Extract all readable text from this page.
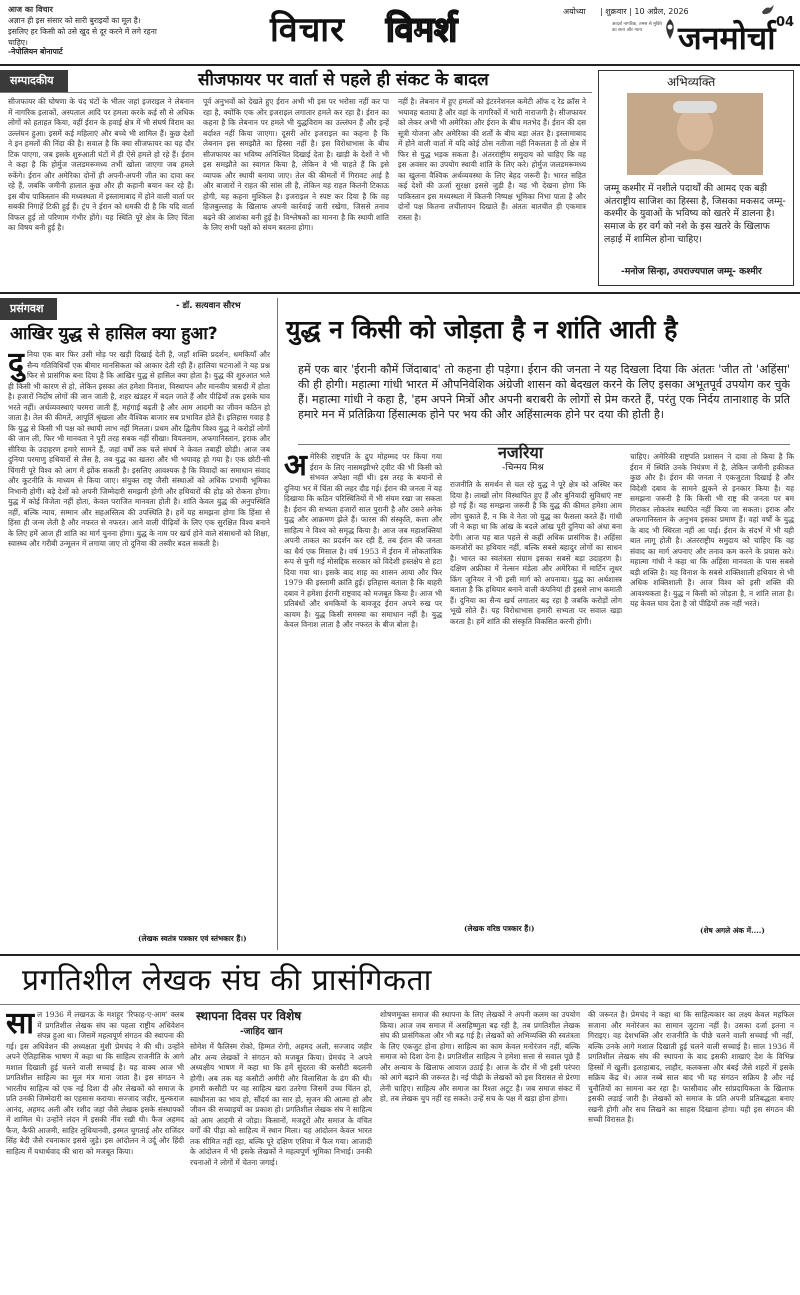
आज का विचार
अज्ञान ही इस संसार को सारी बुराइयों का मूल है। इसलिए हर किसी को उसे खुद से दूर करने में लगे रहना चाहिए।
-नेपोलियन बोनापार्ट
विचार विमर्श	अयोध्या | शुक्रवार | 10 अप्रैल, 2026
आदर्श नागरिक, तमस से मुक्ति का सत्य और न्याय	जनमोर्चा 04
सम्पादकीय	सीजफायर पर वार्ता से पहले ही संकट के बादल
सीजफायर की घोषणा के चंद घंटों के भीतर जहां इजराइल ने लेबनान में नागरिक इलाकों, अस्पताल आदि पर हमला करके कई सौ से अधिक लोगों को हताहत किया, वहीं ईरान के हवाई क्षेत्र में भी संघर्ष विराम का उल्लंघन हुआ। इसमें कई महिलाएं और बच्चे भी शामिल हैं। कुछ देशों ने इन हमलों की निंदा की है। सवाल है कि क्या सीजफायर का यह दौर टिक पाएगा, जब इसके शुरुआती घंटों में ही ऐसे हमले हो रहे हैं। ईरान ने कहा है कि होर्मुज जलडमरूमध्य तभी खोला जाएगा जब हमले रुकेंगे। ईरान और अमेरिका दोनों ही अपनी-अपनी जीत का दावा कर रहे हैं, जबकि जमीनी हालात कुछ और ही कहानी बयान कर रहे हैं। इस बीच पाकिस्तान की मध्यस्थता में इस्लामाबाद में होने वाली वार्ता पर सबकी निगाहें टिकी हुई हैं। ट्रंप ने ईरान को धमकी दी है कि यदि वार्ता विफल हुई तो परिणाम गंभीर होंगे। यह स्थिति पूरे क्षेत्र के लिए चिंता का विषय बनी हुई है।
पूर्व अनुभवों को देखते हुए ईरान अभी भी इस पर भरोसा नहीं कर पा रहा है, क्योंकि एक ओर इजराइल लगातार हमले कर रहा है। ईरान का कहना है कि लेबनान पर हमले भी युद्धविराम का उल्लंघन हैं और इन्हें बर्दाश्त नहीं किया जाएगा। दूसरी ओर इजराइल का कहना है कि लेबनान इस समझौते का हिस्सा नहीं है। इस विरोधाभास के बीच सीजफायर का भविष्य अनिश्चित दिखाई देता है। खाड़ी के देशों ने भी इस समझौते का स्वागत किया है, लेकिन वे भी चाहते हैं कि इसे व्यापक और स्थायी बनाया जाए। तेल की कीमतों में गिरावट आई है और बाजारों ने राहत की सांस ली है, लेकिन यह राहत कितनी टिकाऊ होगी, यह कहना मुश्किल है। इजराइल ने स्पष्ट कर दिया है कि वह हिजबुल्लाह के खिलाफ अपनी कार्रवाई जारी रखेगा, जिससे तनाव बढ़ने की आशंका बनी हुई है। विश्लेषकों का मानना है कि स्थायी शांति के लिए सभी पक्षों को संयम बरतना होगा।
नहीं है। लेबनान में हुए हमलों को इंटरनेशनल कमेटी ऑफ द रेड क्रॉस ने भयावह बताया है और वहां के नागरिकों में भारी नाराजगी है। सीजफायर को लेकर अभी भी अमेरिका और ईरान के बीच मतभेद हैं। ईरान की दस सूत्री योजना और अमेरिका की शर्तों के बीच बड़ा अंतर है। इस्लामाबाद में होने वाली वार्ता में यदि कोई ठोस नतीजा नहीं निकलता है तो क्षेत्र में फिर से युद्ध भड़क सकता है। अंतरराष्ट्रीय समुदाय को चाहिए कि वह इस अवसर का उपयोग स्थायी शांति के लिए करे। होर्मुज जलडमरूमध्य का खुलना वैश्विक अर्थव्यवस्था के लिए बेहद जरूरी है। भारत सहित कई देशों की ऊर्जा सुरक्षा इससे जुड़ी है। यह भी देखना होगा कि पाकिस्तान इस मध्यस्थता में कितनी निष्पक्ष भूमिका निभा पाता है और दोनों पक्ष कितना लचीलापन दिखाते हैं। अंततः बातचीत ही एकमात्र रास्ता है।
अभिव्यक्ति
जम्मू कश्मीर में नशीले पदार्थों की आमद एक बड़ी अंतराष्ट्रीय साजिश का हिस्सा है, जिसका मकसद जम्मू-कश्मीर के युवाओं के भविष्य को खतरे में डालना है। समाज के हर वर्ग को नशे के इस खतरे के खिलाफ लड़ाई में शामिल होना चाहिए।
-मनोज सिन्हा, उपराज्यपाल जम्मू- कश्मीर
प्रसंगवश	- डॉ. सत्यवान सौरभ
आखिर युद्ध से हासिल क्या हुआ?
दुनिया एक बार फिर उसी मोड़ पर खड़ी दिखाई देती है, जहाँ शक्ति प्रदर्शन, धमकियाँ और सैन्य गतिविधियाँ एक बीमार मानसिकता को आकार देती रही हैं। हालिया घटनाओं ने यह प्रश्न फिर से प्रासंगिक बना दिया है कि आखिर युद्ध से हासिल क्या होता है। युद्ध की शुरुआत भले ही किसी भी कारण से हो, लेकिन इसका अंत हमेशा विनाश, विस्थापन और मानवीय त्रासदी में होता है। हजारों निर्दोष लोगों की जान जाती है, शहर खंडहर में बदल जाते हैं और पीढ़ियों तक इसके घाव भरते नहीं। अर्थव्यवस्थाएं चरमरा जाती हैं, महंगाई बढ़ती है और आम आदमी का जीवन कठिन हो जाता है। तेल की कीमतें, आपूर्ति श्रृंखला और वैश्विक बाजार सब प्रभावित होते हैं। इतिहास गवाह है कि युद्ध से किसी भी पक्ष को स्थायी लाभ नहीं मिलता। प्रथम और द्वितीय विश्व युद्ध ने करोड़ों लोगों की जान ली, फिर भी मानवता ने पूरी तरह सबक नहीं सीखा। वियतनाम, अफगानिस्तान, इराक और सीरिया के उदाहरण हमारे सामने हैं, जहां वर्षों तक चले संघर्ष ने केवल तबाही छोड़ी। आज जब दुनिया परमाणु हथियारों से लैस है, तब युद्ध का खतरा और भी भयावह हो गया है। एक छोटी-सी चिंगारी पूरे विश्व को आग में झोंक सकती है। इसलिए आवश्यक है कि विवादों का समाधान संवाद और कूटनीति के माध्यम से किया जाए। संयुक्त राष्ट्र जैसी संस्थाओं को अधिक प्रभावी भूमिका निभानी होगी। बड़े देशों को अपनी जिम्मेदारी समझनी होगी और हथियारों की होड़ को रोकना होगा। युद्ध में कोई विजेता नहीं होता, केवल पराजित मानवता होती है। शांति केवल युद्ध की अनुपस्थिति नहीं, बल्कि न्याय, सम्मान और सहअस्तित्व की उपस्थिति है। हमें यह समझना होगा कि हिंसा से हिंसा ही जन्म लेती है और नफरत से नफरत। आने वाली पीढ़ियों के लिए एक सुरक्षित विश्व बनाने के लिए हमें आज ही शांति का मार्ग चुनना होगा। युद्ध के नाम पर खर्च होने वाले संसाधनों को शिक्षा, स्वास्थ्य और गरीबी उन्मूलन में लगाया जाए तो दुनिया की तस्वीर बदल सकती है।
(लेखक स्वतंत्र पत्रकार एवं स्तंभकार हैं।)
युद्ध न किसी को जोड़ता है न शांति आती है
हमें एक बार 'ईरानी कौमें जिंदाबाद' तो कहना ही पड़ेगा। ईरान की जनता ने यह दिखला दिया कि अंततः 'जीत तो 'अहिंसा' की ही होगी। महात्मा गांधी भारत में औपनिवेशिक अंग्रेजी शासन को बेदखल करने के लिए इसका अभूतपूर्व उपयोग कर चुके हैं। महात्मा गांधी ने कहा है, 'हम अपने मित्रों और अपनी बराबरी के लोगों से प्रेम करते हैं, परंतु एक निर्दय तानाशाह के प्रति हमारे मन में प्रतिक्रिया हिंसात्मक होने पर भय की और अहिंसात्मक होने पर दया की होती है।
अमेरिकी राष्ट्रपति के द्रुप मोहम्मद पर किया गया ईरान के लिए नासमझीभरे ट्वीट की भी किसी को संभवत अपेक्षा नहीं थी। इस तरह के बयानों से दुनिया भर में चिंता की लहर दौड़ गई। ईरान की जनता ने यह दिखाया कि कठिन परिस्थितियों में भी संयम रखा जा सकता है। ईरान की सभ्यता हजारों साल पुरानी है और उसने अनेक युद्ध और आक्रमण झेले हैं। फारस की संस्कृति, कला और साहित्य ने विश्व को समृद्ध किया है। आज जब महाशक्तियां अपनी ताकत का प्रदर्शन कर रही हैं, तब ईरान की जनता का धैर्य एक मिसाल है। वर्ष 1953 में ईरान में लोकतांत्रिक रूप से चुनी गई मोसद्दिक सरकार को विदेशी हस्तक्षेप से हटा दिया गया था। इसके बाद शाह का शासन आया और फिर 1979 की इस्लामी क्रांति हुई। इतिहास बताता है कि बाहरी दबाव ने हमेशा ईरानी राष्ट्रवाद को मजबूत किया है। आज भी प्रतिबंधों और धमकियों के बावजूद ईरान अपने रुख पर कायम है। युद्ध किसी समस्या का समाधान नहीं है। युद्ध केवल विनाश लाता है और नफरत के बीज बोता है।
नजरिया
-चिन्मय मिश्र
राजनीति के समर्थन से चल रहे युद्ध ने पूरे क्षेत्र को अस्थिर कर दिया है। लाखों लोग विस्थापित हुए हैं और बुनियादी सुविधाएं नष्ट हो गई हैं। यह समझना जरूरी है कि युद्ध की कीमत हमेशा आम लोग चुकाते हैं, न कि वे नेता जो युद्ध का फैसला करते हैं। गांधी जी ने कहा था कि आंख के बदले आंख पूरी दुनिया को अंधा बना देगी। आज यह बात पहले से कहीं अधिक प्रासंगिक है। अहिंसा कमजोरों का हथियार नहीं, बल्कि सबसे बहादुर लोगों का साधन है। भारत का स्वतंत्रता संग्राम इसका सबसे बड़ा उदाहरण है। दक्षिण अफ्रीका में नेल्सन मंडेला और अमेरिका में मार्टिन लूथर किंग जूनियर ने भी इसी मार्ग को अपनाया। युद्ध का अर्थशास्त्र बताता है कि हथियार बनाने वाली कंपनियां ही इससे लाभ कमाती हैं। दुनिया का सैन्य खर्च लगातार बढ़ रहा है जबकि करोड़ों लोग भूखे सोते हैं। यह विरोधाभास हमारी सभ्यता पर सवाल खड़ा करता है। हमें शांति की संस्कृति विकसित करनी होगी।
(लेखक वरिष्ठ पत्रकार हैं।)
चाहिए। अमेरिकी राष्ट्रपति प्रशासन ने दावा तो किया है कि ईरान में स्थिति उनके नियंत्रण में है, लेकिन जमीनी हकीकत कुछ और है। ईरान की जनता ने एकजुटता दिखाई है और विदेशी दबाव के सामने झुकने से इनकार किया है। यह समझना जरूरी है कि किसी भी राष्ट्र की जनता पर बम गिराकर लोकतंत्र स्थापित नहीं किया जा सकता। इराक और अफगानिस्तान के अनुभव इसका प्रमाण हैं। वहां वर्षों के युद्ध के बाद भी स्थिरता नहीं आ पाई। ईरान के संदर्भ में भी यही बात लागू होती है। अंतरराष्ट्रीय समुदाय को चाहिए कि वह संवाद का मार्ग अपनाए और तनाव कम करने के प्रयास करे। महात्मा गांधी ने कहा था कि अहिंसा मानवता के पास सबसे बड़ी शक्ति है। यह विनाश के सबसे शक्तिशाली हथियार से भी अधिक शक्तिशाली है। आज विश्व को इसी शक्ति की आवश्यकता है। युद्ध न किसी को जोड़ता है, न शांति लाता है। यह केवल घाव देता है जो पीढ़ियों तक नहीं भरते।
(शेष अगले अंक में....)
प्रगतिशील लेखक संघ की प्रासंगिकता
साल 1936 में लखनऊ के मशहूर 'रिफाह-ए-आम' क्लब में प्रगतिशील लेखक संघ का पहला राष्ट्रीय अधिवेशन संपन्न हुआ था। जिसमें महत्वपूर्ण संगठन की स्थापना की गई। इस अधिवेशन की अध्यक्षता मुंशी प्रेमचंद ने की थी। उन्होंने अपने ऐतिहासिक भाषण में कहा था कि साहित्य राजनीति के आगे मशाल दिखाती हुई चलने वाली सच्चाई है। यह वाक्य आज भी प्रगतिशील साहित्य का मूल मंत्र माना जाता है। इस संगठन ने भारतीय साहित्य को एक नई दिशा दी और लेखकों को समाज के प्रति उनकी जिम्मेदारी का एहसास कराया। सज्जाद जहीर, मुल्कराज आनंद, अहमद अली और रशीद जहां जैसे लेखक इसके संस्थापकों में शामिल थे। उन्होंने लंदन में इसकी नींव रखी थी। फैज अहमद फैज, कैफी आजमी, साहिर लुधियानवी, इस्मत चुगताई और राजिंदर सिंह बेदी जैसे रचनाकार इससे जुड़े। इस आंदोलन ने उर्दू और हिंदी साहित्य में यथार्थवाद की धारा को मजबूत किया।
स्थापना दिवस पर विशेष
-जाहिद खान
सोमेश में फैलिस्म रोको, हिम्मत रोगी, अहमद अली, सज्जाद जहीर और अन्य लेखकों ने संगठन को मजबूत किया। प्रेमचंद ने अपने अध्यक्षीय भाषण में कहा था कि हमें सुंदरता की कसौटी बदलनी होगी। अब तक यह कसौटी अमीरी और विलासिता के ढंग की थी। हमारी कसौटी पर वह साहित्य खरा उतरेगा जिसमें उच्च चिंतन हो, स्वाधीनता का भाव हो, सौंदर्य का सार हो, सृजन की आत्मा हो और जीवन की सच्चाइयों का प्रकाश हो। प्रगतिशील लेखक संघ ने साहित्य को आम आदमी से जोड़ा। किसानों, मजदूरों और समाज के वंचित वर्गों की पीड़ा को साहित्य में स्थान मिला। यह आंदोलन केवल भारत तक सीमित नहीं रहा, बल्कि पूरे दक्षिण एशिया में फैल गया। आजादी के आंदोलन में भी इसके लेखकों ने महत्वपूर्ण भूमिका निभाई। उनकी रचनाओं ने लोगों में चेतना जगाई।
शोषणमुक्त समाज की स्थापना के लिए लेखकों ने अपनी कलम का उपयोग किया। आज जब समाज में असहिष्णुता बढ़ रही है, तब प्रगतिशील लेखक संघ की प्रासंगिकता और भी बढ़ गई है। लेखकों को अभिव्यक्ति की स्वतंत्रता के लिए एकजुट होना होगा। साहित्य का काम केवल मनोरंजन नहीं, बल्कि समाज को दिशा देना है। प्रगतिशील साहित्य ने हमेशा सत्ता से सवाल पूछे हैं और अन्याय के खिलाफ आवाज उठाई है। आज के दौर में भी इसी परंपरा को आगे बढ़ाने की जरूरत है। नई पीढ़ी के लेखकों को इस विरासत से प्रेरणा लेनी चाहिए। साहित्य और समाज का रिश्ता अटूट है। जब समाज संकट में हो, तब लेखक चुप नहीं रह सकते। उन्हें सच के पक्ष में खड़ा होना होगा।
की जरूरत है। प्रेमचंद ने कहा था कि साहित्यकार का लक्ष्य केवल महफिल सजाना और मनोरंजन का सामान जुटाना नहीं है। उसका दर्जा इतना न गिराइए। वह देशभक्ति और राजनीति के पीछे चलने वाली सच्चाई भी नहीं, बल्कि उनके आगे मशाल दिखाती हुई चलने वाली सच्चाई है। साल 1936 में प्रगतिशील लेखक संघ की स्थापना के बाद इसकी शाखाएं देश के विभिन्न हिस्सों में खुलीं। इलाहाबाद, लाहौर, कलकत्ता और बंबई जैसे शहरों में इसके सक्रिय केंद्र थे। आज नब्बे साल बाद भी यह संगठन सक्रिय है और नई चुनौतियों का सामना कर रहा है। फासीवाद और सांप्रदायिकता के खिलाफ इसकी लड़ाई जारी है। लेखकों को समाज के प्रति अपनी प्रतिबद्धता बनाए रखनी होगी और सच लिखने का साहस दिखाना होगा। यही इस संगठन की सच्ची विरासत है।
